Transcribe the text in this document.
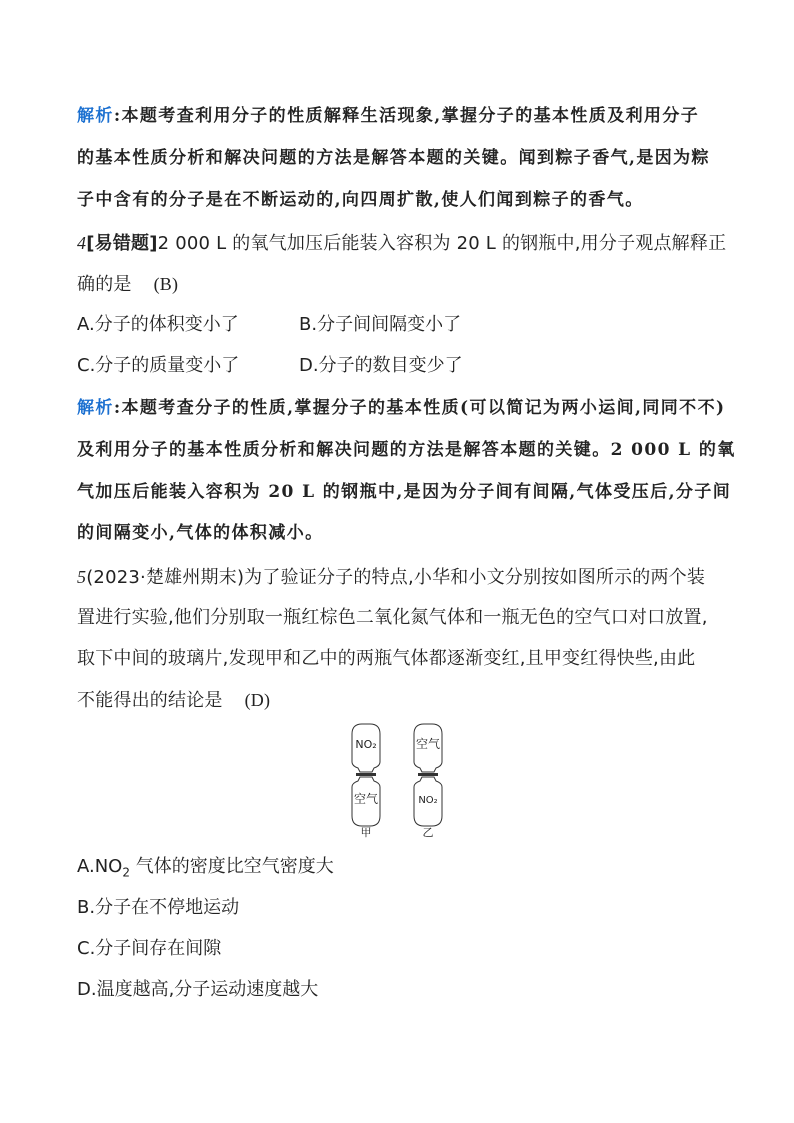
解析:本题考查利用分子的性质解释生活现象,掌握分子的基本性质及利用分子
的基本性质分析和解决问题的方法是解答本题的关键。闻到粽子香气,是因为粽
子中含有的分子是在不断运动的,向四周扩散,使人们闻到粽子的香气。
4[易错题]2 000 L 的氧气加压后能装入容积为 20 L 的钢瓶中,用分子观点解释正
确的是 (B)
A.分子的体积变小了	B.分子间间隔变小了
C.分子的质量变小了	D.分子的数目变少了
解析:本题考查分子的性质,掌握分子的基本性质(可以简记为两小运间,同同不不)
及利用分子的基本性质分析和解决问题的方法是解答本题的关键。2 000 L 的氧
气加压后能装入容积为 20 L 的钢瓶中,是因为分子间有间隔,气体受压后,分子间
的间隔变小,气体的体积减小。
5(2023·楚雄州期末)为了验证分子的特点,小华和小文分别按如图所示的两个装
置进行实验,他们分别取一瓶红棕色二氧化氮气体和一瓶无色的空气口对口放置,
取下中间的玻璃片,发现甲和乙中的两瓶气体都逐渐变红,且甲变红得快些,由此
不能得出的结论是 (D)
NO₂
空气
甲
空气
NO₂
乙
$A.NO_2$ 气体的密度比空气密度大
B.分子在不停地运动
C.分子间存在间隙
D.温度越高,分子运动速度越大
